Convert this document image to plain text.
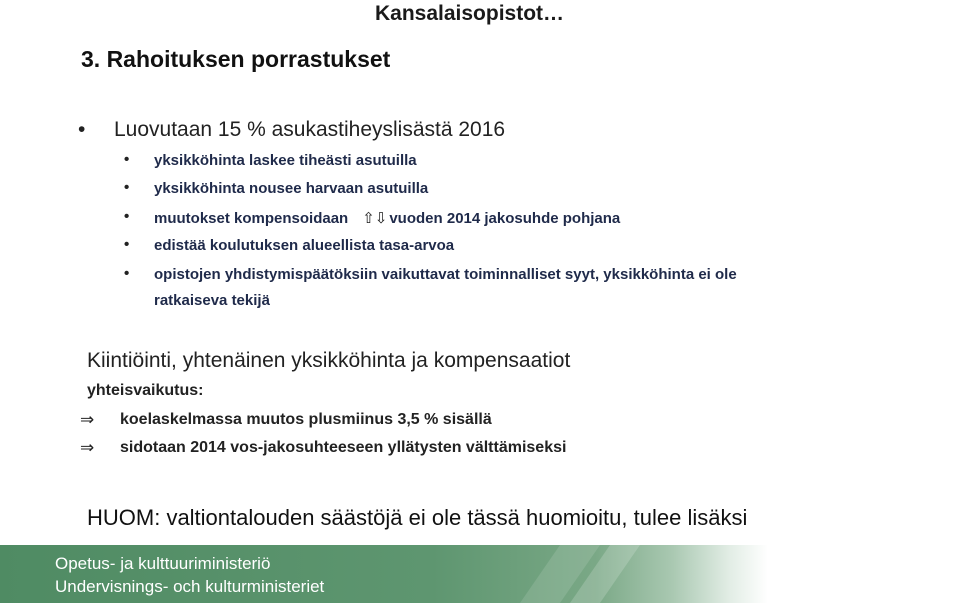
Kansalaisopistot…
3. Rahoituksen porrastukset
• Luovutaan 15 % asukastiheyslisästä 2016
• yksikköhinta laskee tiheästi asutuilla
• yksikköhinta nousee harvaan asutuilla
• muutokset kompensoidaan ⇧⇩ vuoden 2014 jakosuhde pohjana
• edistää koulutuksen alueellista tasa-arvoa
• opistojen yhdistymispäätöksiin vaikuttavat toiminnalliset syyt, yksikköhinta ei ole
ratkaiseva tekijä
Kiintiöinti, yhtenäinen yksikköhinta ja kompensaatiot
yhteisvaikutus:
⇒ koelaskelmassa muutos plusmiinus 3,5 % sisällä
⇒ sidotaan 2014 vos-jakosuhteeseen yllätysten välttämiseksi
HUOM: valtiontalouden säästöjä ei ole tässä huomioitu, tulee lisäksi
Opetus- ja kulttuuriministeriö
Undervisnings- och kulturministeriet
